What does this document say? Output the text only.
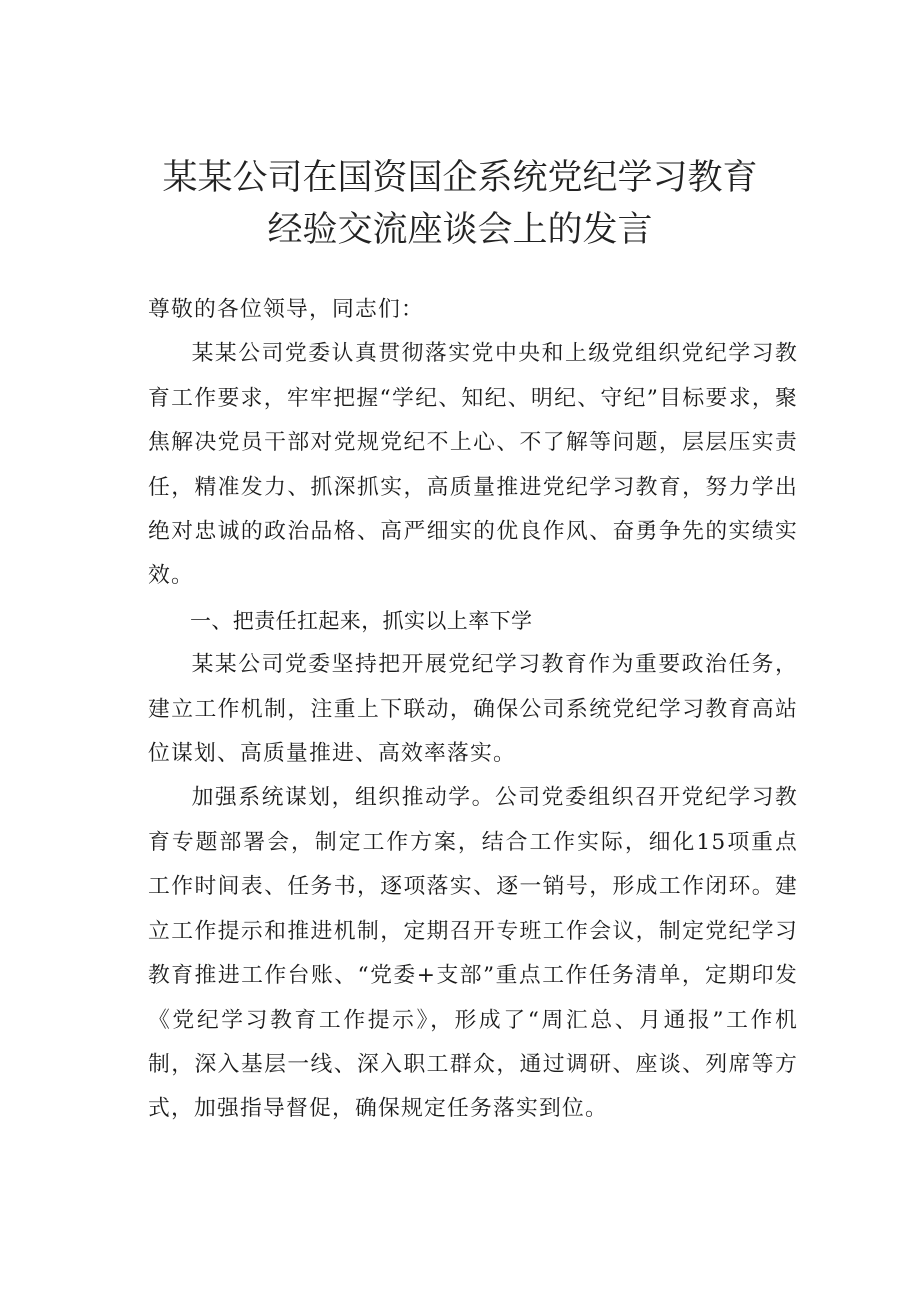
某某公司在国资国企系统党纪学习教育
经验交流座谈会上的发言

尊敬的各位领导，同志们：

某某公司党委认真贯彻落实党中央和上级党组织党纪学习教育工作要求，牢牢把握“学纪、知纪、明纪、守纪”目标要求，聚焦解决党员干部对党规党纪不上心、不了解等问题，层层压实责任，精准发力、抓深抓实，高质量推进党纪学习教育，努力学出绝对忠诚的政治品格、高严细实的优良作风、奋勇争先的实绩实效。

一、把责任扛起来，抓实以上率下学

某某公司党委坚持把开展党纪学习教育作为重要政治任务，建立工作机制，注重上下联动，确保公司系统党纪学习教育高站位谋划、高质量推进、高效率落实。

加强系统谋划，组织推动学。公司党委组织召开党纪学习教育专题部署会，制定工作方案，结合工作实际，细化15项重点工作时间表、任务书，逐项落实、逐一销号，形成工作闭环。建立工作提示和推进机制，定期召开专班工作会议，制定党纪学习教育推进工作台账、“党委+支部”重点工作任务清单，定期印发《党纪学习教育工作提示》，形成了“周汇总、月通报”工作机制，深入基层一线、深入职工群众，通过调研、座谈、列席等方式，加强指导督促，确保规定任务落实到位。
